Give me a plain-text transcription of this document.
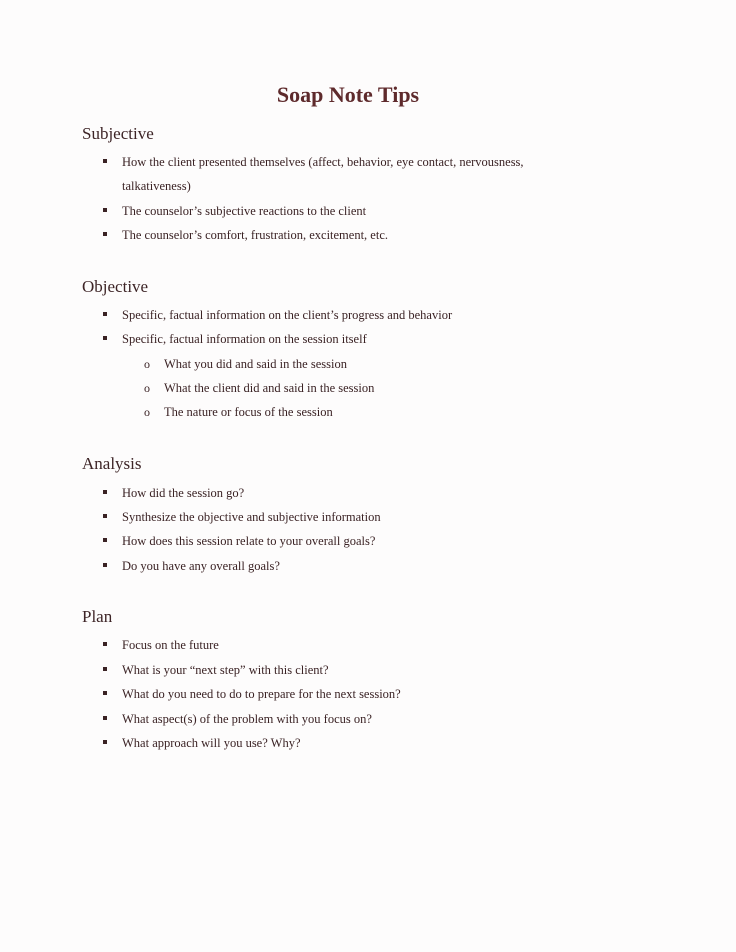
Soap Note Tips
Subjective
How the client presented themselves (affect, behavior, eye contact, nervousness,
talkativeness)
The counselor’s subjective reactions to the client
The counselor’s comfort, frustration, excitement, etc.
Objective
Specific, factual information on the client’s progress and behavior
Specific, factual information on the session itself
o What you did and said in the session
o What the client did and said in the session
o The nature or focus of the session
Analysis
How did the session go?
Synthesize the objective and subjective information
How does this session relate to your overall goals?
Do you have any overall goals?
Plan
Focus on the future
What is your “next step” with this client?
What do you need to do to prepare for the next session?
What aspect(s) of the problem with you focus on?
What approach will you use? Why?
